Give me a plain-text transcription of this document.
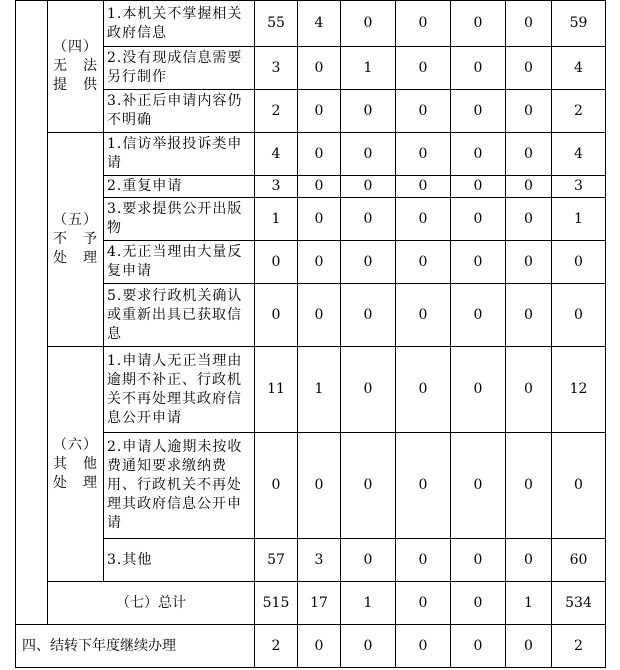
	（四）
无　法
提　供	1.本机关不掌握相关政府信息	55	4	0	0	0	0	59
		2.没有现成信息需要另行制作	3	0	1	0	0	0	4
		3.补正后申请内容仍不明确	2	0	0	0	0	0	2

	（五）
不　予
处　理	1.信访举报投诉类申请	4	0	0	0	0	0	4
		2.重复申请	3	0	0	0	0	0	3
		3.要求提供公开出版物	1	0	0	0	0	0	1
		4.无正当理由大量反复申请	0	0	0	0	0	0	0
		5.要求行政机关确认或重新出具已获取信息	0	0	0	0	0	0	0

	（六）
其　他
处　理	1.申请人无正当理由逾期不补正、行政机关不再处理其政府信息公开申请	11	1	0	0	0	0	12
		2.申请人逾期未按收费通知要求缴纳费用、行政机关不再处理其政府信息公开申请	0	0	0	0	0	0	0
		3.其他	57	3	0	0	0	0	60
	（七）总计		515	17	1	0	0	1	534
四、结转下年度继续办理			2	0	0	0	0	0	2
